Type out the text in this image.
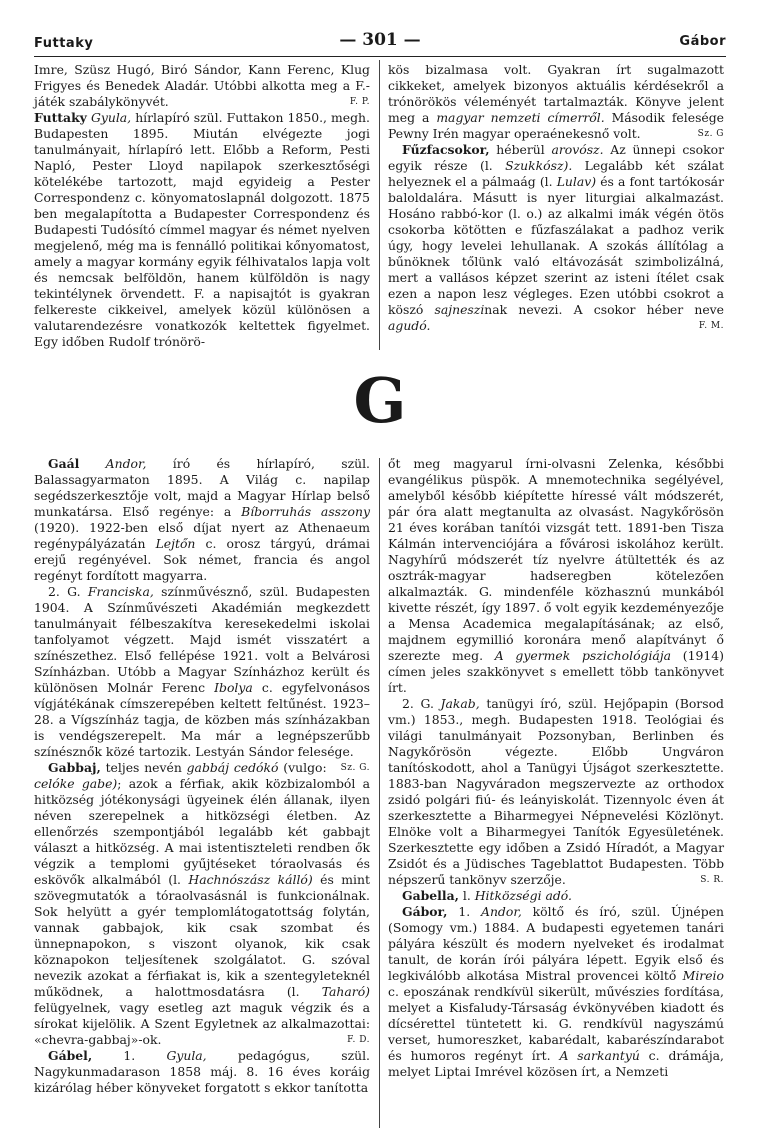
Futtaky	— 301 —	Gábor

Imre, Szüsz Hugó, Biró Sándor, Kann Ferenc, Klug Frigyes és Benedek Aladár. Utóbbi alkotta meg a F.-játék szabálykönyvét.	F. P.

Futtaky Gyula, hírlapíró szül. Futtakon 1850., megh. Budapesten 1895. Miután elvégezte jogi tanulmányait, hírlapíró lett. Előbb a Reform, Pesti Napló, Pester Lloyd napilapok szerkesztőségi kötelékébe tartozott, majd egyideig a Pester Correspondenz c. könyomatoslapnál dolgozott. 1875 ben megalapította a Budapester Correspondenz és Budapesti Tudósító címmel magyar és német nyelven megjelenő, még ma is fennálló politikai kőnyomatost, amely a magyar kormány egyik félhivatalos lapja volt és nemcsak belföldön, hanem külföldön is nagy tekintélynek örvendett. F. a napisajtót is gyakran felkereste cikkeivel, amelyek közül különösen a valutarendezésre vonatkozók keltettek figyelmet. Egy időben Rudolf trónörö-

kös bizalmasa volt. Gyakran írt sugalmazott cikkeket, amelyek bizonyos aktuális kérdésekről a trónörökös véleményét tartalmazták. Könyve jelent meg a magyar nemzeti címerről. Második felesége Pewny Irén magyar operaénekesnő volt.	Sz. G

Fűzfacsokor, héberül arovósz. Az ünnepi csokor egyik része (l. Szukkósz). Legalább két szálat helyeznek el a pálmaág (l. Lulav) és a font tartókosár baloldalára. Másutt is nyer liturgiai alkalmazást. Hosáno rabbó-kor (l. o.) az alkalmi imák végén ötös csokorba kötötten e fűzfaszálakat a padhoz verik úgy, hogy levelei lehullanak. A szokás állítólag a bűnöknek tőlünk való eltávozását szimbolizálná, mert a vallásos képzet szerint az isteni ítélet csak ezen a napon lesz végleges. Ezen utóbbi csokrot a köszó sajneszinak nevezi. A csokor héber neve agudó.	F. M.

G

Gaál Andor, író és hírlapíró, szül. Balassagyarmaton 1895. A Világ c. napilap segédszerkesztője volt, majd a Magyar Hírlap belső munkatársa. Első regénye: a Bíborruhás asszony (1920). 1922-ben első díjat nyert az Athenaeum regénypályázatán Lejtőn c. orosz tárgyú, drámai erejű regényével. Sok német, francia és angol regényt fordított magyarra.

2. G. Franciska, színművésznő, szül. Budapesten 1904. A Színművészeti Akadémián megkezdett tanulmányait félbeszakítva keresekedelmi iskolai tanfolyamot végzett. Majd ismét visszatért a színészethez. Első fellépése 1921. volt a Belvárosi Színházban. Utóbb a Magyar Színházhoz került és különösen Molnár Ferenc Ibolya c. egyfelvonásos vígjátékának címszerepében keltett feltűnést. 1923–28. a Vígszínház tagja, de közben más színházakban is vendégszerepelt. Ma már a legnépszerűbb színésznők közé tartozik. Lestyán Sándor felesége.
Sz. G.

Gabbaj, teljes nevén gabbáj cedókó (vulgo: celóke gabe); azok a férfiak, akik közbizalomból a hitközség jótékonysági ügyeinek élén állanak, ilyen néven szerepelnek a hitközségi életben. Az ellenőrzés szempontjából legalább két gabbajt választ a hitközség. A mai istentiszteleti rendben ők végzik a templomi gyűjtéseket tóraolvasás és eskövők alkalmából (l. Hachnószász kálló) és mint szövegmutatók a tóraolvasásnál is funkcionálnak. Sok helyütt a gyér templomlátogatottság folytán, vannak gabbajok, kik csak szombat és ünnepnapokon, s viszont olyanok, kik csak köznapokon teljesítenek szolgálatot. G. szóval nevezik azokat a férfiakat is, kik a szentegyleteknél működnek, a halottmosdatásra (l. Taharó) felügyelnek, vagy esetleg azt maguk végzik és a sírokat kijelölik. A Szent Egyletnek az alkalmazottai: «chevra-gabbaj»-ok.	F. D.

Gábel, 1. Gyula, pedagógus, szül. Nagykunmadarason 1858 máj. 8. 16 éves koráig kizárólag héber könyveket forgatott s ekkor tanította

őt meg magyarul írni-olvasni Zelenka, későbbi evangélikus püspök. A mnemotechnika segélyével, amelyből később kiépítette híressé vált módszerét, pár óra alatt megtanulta az olvasást. Nagykőrösön 21 éves korában tanítói vizsgát tett. 1891-ben Tisza Kálmán intervenciójára a fővárosi iskolához került. Nagyhírű módszerét tíz nyelvre átültették és az osztrák-magyar hadseregben kötelezően alkalmazták. G. mindenféle közhasznú munkából kivette részét, így 1897. ő volt egyik kezdeményezője a Mensa Academica megalapításának; az első, majdnem egymillió koronára menő alapítványt ő szerezte meg. A gyermek pszichológiája (1914) címen jeles szakkönyvet s emellett több tankönyvet írt.

2. G. Jakab, tanügyi író, szül. Hejőpapin (Borsod vm.) 1853., megh. Budapesten 1918. Teológiai és világi tanulmányait Pozsonyban, Berlinben és Nagykőrösön végezte. Előbb Ungváron tanítóskodott, ahol a Tanügyi Újságot szerkesztette. 1883-ban Nagyváradon megszervezte az orthodox zsidó polgári fiú- és leányiskolát. Tizennyolc éven át szerkesztette a Biharmegyei Népnevelési Közlönyt. Elnöke volt a Biharmegyei Tanítók Egyesületének. Szerkesztette egy időben a Zsidó Híradót, a Magyar Zsidót és a Jüdisches Tageblattot Budapesten. Több népszerű tankönyv szerzője.	S. R.

Gabella, l. Hitközségi adó.

Gábor, 1. Andor, költő és író, szül. Újnépen (Somogy vm.) 1884. A budapesti egyetemen tanári pályára készült és modern nyelveket és irodalmat tanult, de korán írói pályára lépett. Egyik első és legkiválóbb alkotása Mistral provencei költő Mireio c. eposzának rendkívül sikerült, művészies fordítása, melyet a Kisfaludy-Társaság évkönyvében kiadott és dícsérettel tüntetett ki. G. rendkívül nagyszámú verset, humoreszket, kabarédalt, kabarészíndarabot és humoros regényt írt. A sarkantyú c. drámája, melyet Liptai Imrével közösen írt, a Nemzeti
